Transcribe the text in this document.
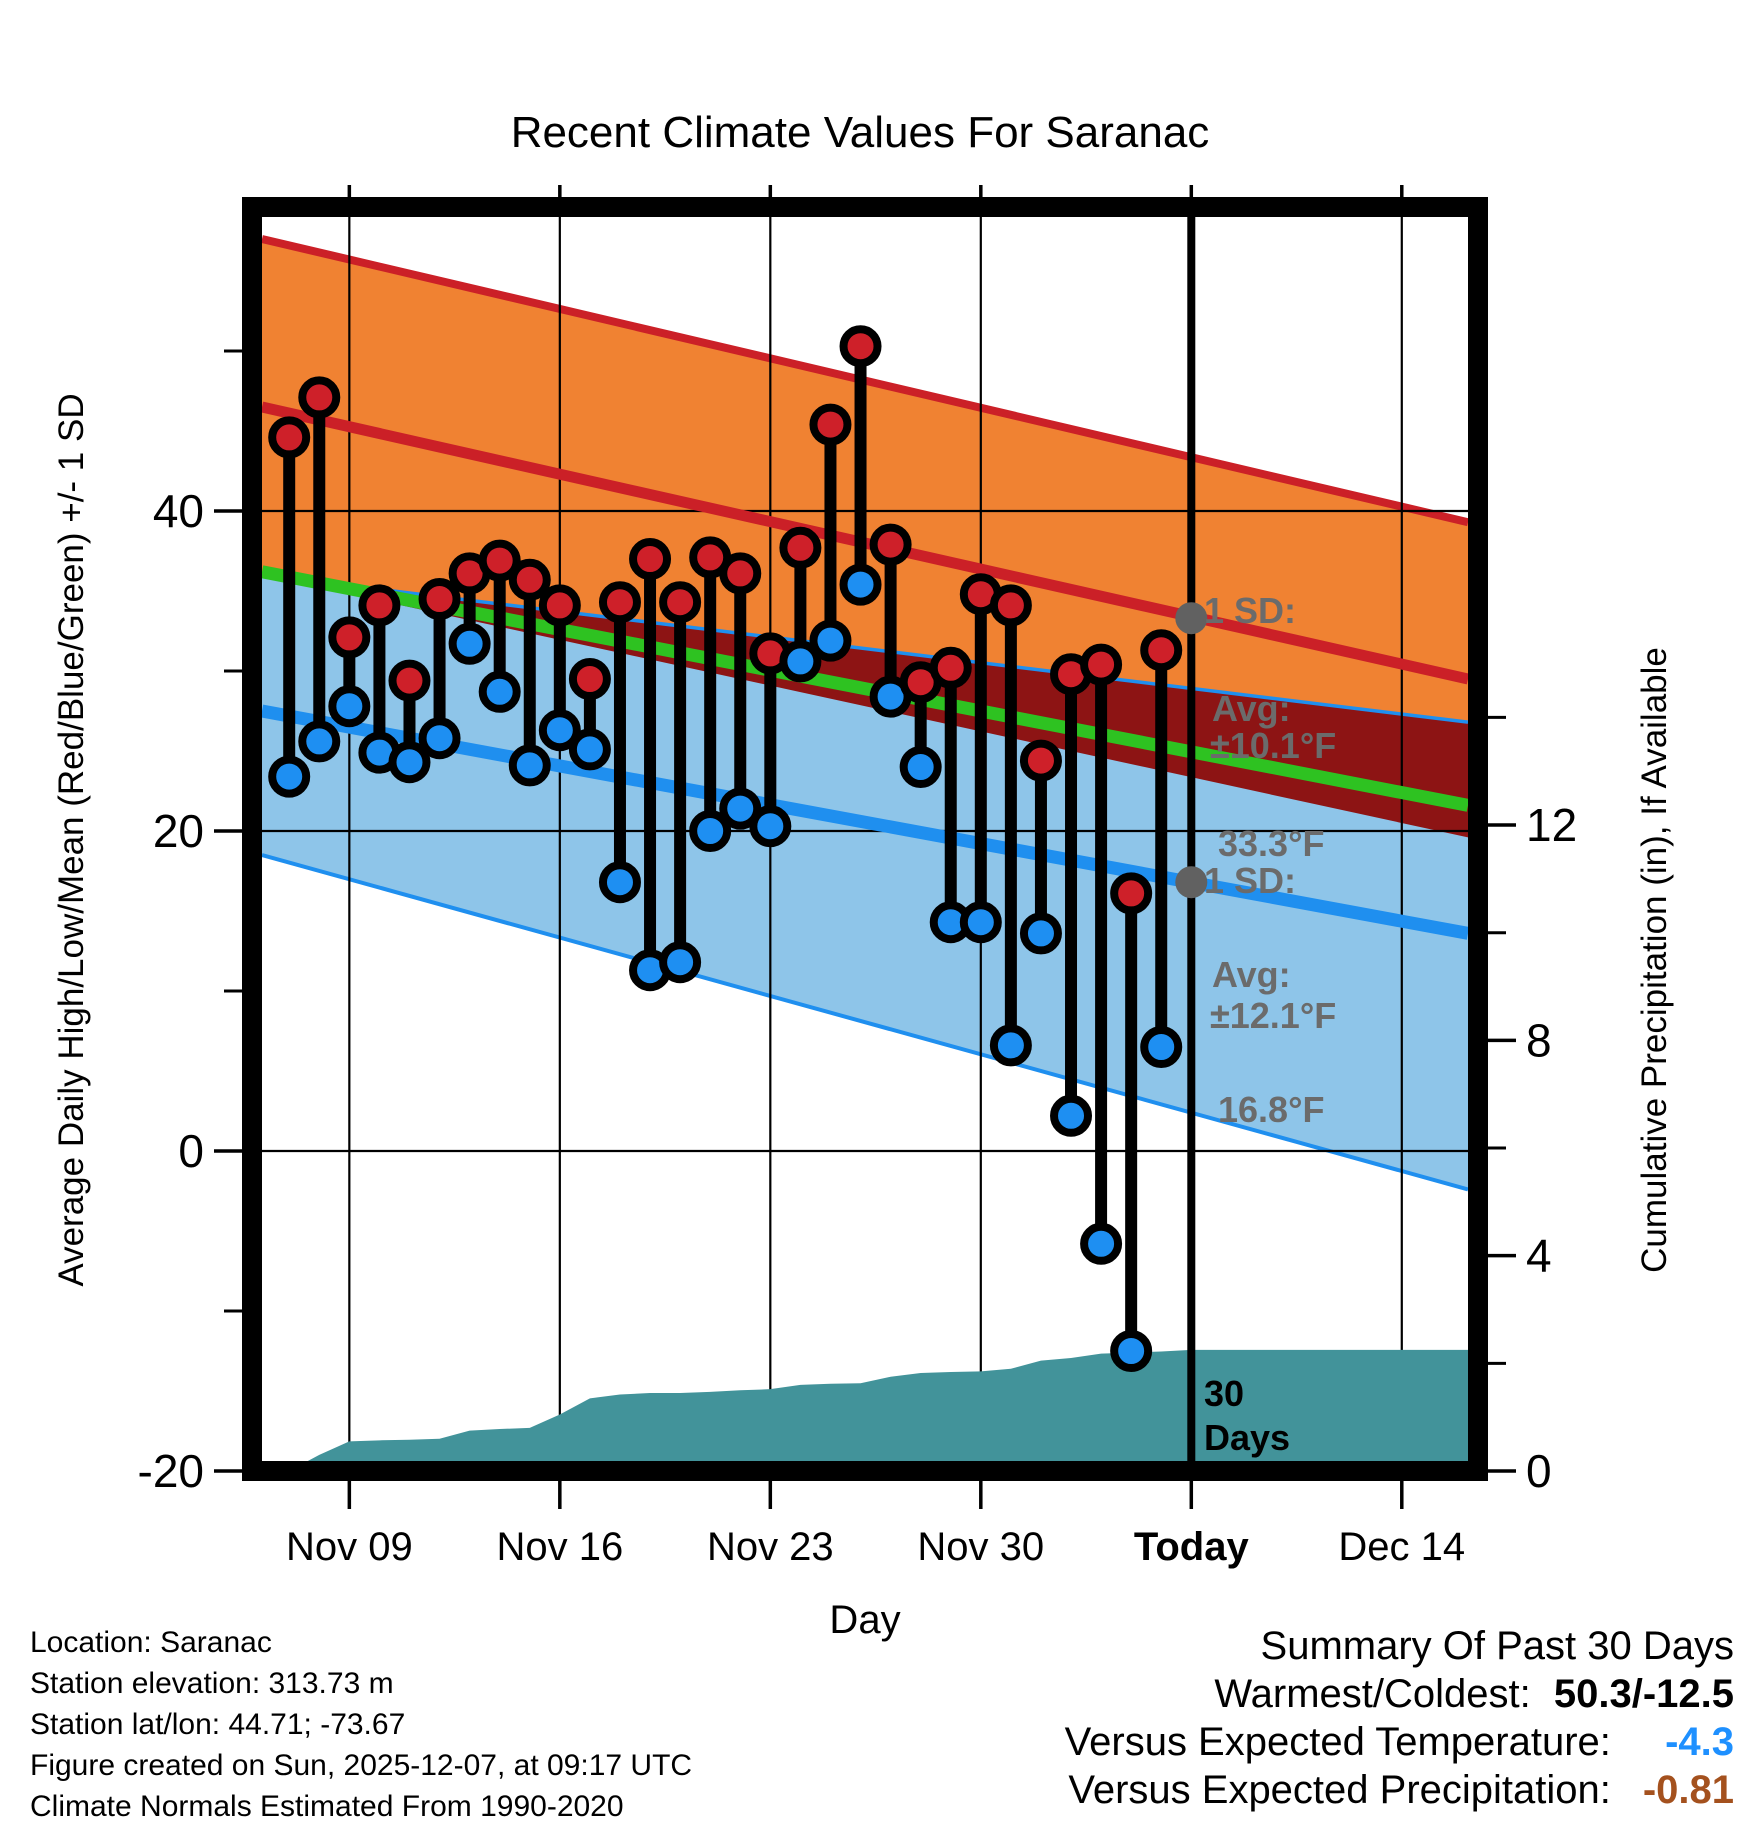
Recent Climate Values For Saranac
40
20
0
-20
12
8
4
0
Nov 09 Nov 16 Nov 23 Nov 30 Today Dec 14
Average Daily High/Low/Mean (Red/Blue/Green) +/- 1 SD	Cumulative Precipitation (in), If Available
Day

1 SD:

±10.1°F

Avg:

33.3°F

1 SD:

±12.1°F

Avg:

16.8°F

30
Days
Location: Saranac
Station elevation: 313.73 m
Station lat/lon: 44.71; -73.67
Figure created on Sun, 2025-12-07, at 09:17 UTC
Climate Normals Estimated From 1990-2020
Summary Of Past 30 Days
Warmest/Coldest: 50.3/-12.5
Versus Expected Temperature: -4.3
Versus Expected Precipitation: -0.81
